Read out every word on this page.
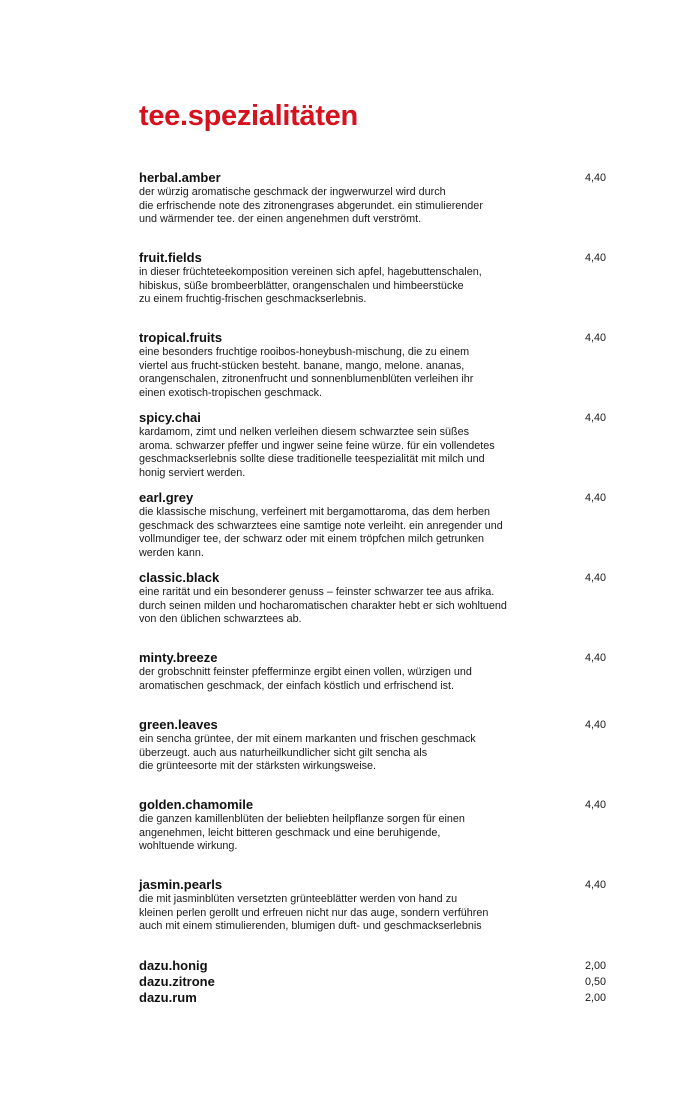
tee.spezialitäten
herbal.amber
der würzig aromatische geschmack der ingwerwurzel wird durch
die erfrischende note des zitronengrases abgerundet. ein stimulierender
und wärmender tee. der einen angenehmen duft verströmt.
4,40
fruit.fields
in dieser früchteteekomposition vereinen sich apfel, hagebuttenschalen,
hibiskus, süße brombeerblätter, orangenschalen und himbeerstücke
zu einem fruchtig-frischen geschmackserlebnis.
4,40
tropical.fruits
eine besonders fruchtige rooibos-honeybush-mischung, die zu einem
viertel aus frucht-stücken besteht. banane, mango, melone. ananas,
orangenschalen, zitronenfrucht und sonnenblumenblüten verleihen ihr
einen exotisch-tropischen geschmack.
4,40
spicy.chai
kardamom, zimt und nelken verleihen diesem schwarztee sein süßes
aroma. schwarzer pfeffer und ingwer seine feine würze. für ein vollendetes
geschmackserlebnis sollte diese traditionelle teespezialität mit milch und
honig serviert werden.
4,40
earl.grey
die klassische mischung, verfeinert mit bergamottaroma, das dem herben
geschmack des schwarztees eine samtige note verleiht. ein anregender und
vollmundiger tee, der schwarz oder mit einem tröpfchen milch getrunken
werden kann.
4,40
classic.black
eine rarität und ein besonderer genuss – feinster schwarzer tee aus afrika.
durch seinen milden und hocharomatischen charakter hebt er sich wohltuend
von den üblichen schwarztees ab.
4,40
minty.breeze
der grobschnitt feinster pfefferminze ergibt einen vollen, würzigen und
aromatischen geschmack, der einfach köstlich und erfrischend ist.
4,40
green.leaves
ein sencha grüntee, der mit einem markanten und frischen geschmack
überzeugt. auch aus naturheilkundlicher sicht gilt sencha als
die grünteesorte mit der stärksten wirkungsweise.
4,40
golden.chamomile
die ganzen kamillenblüten der beliebten heilpflanze sorgen für einen
angenehmen, leicht bitteren geschmack und eine beruhigende,
wohltuende wirkung.
4,40
jasmin.pearls
die mit jasminblüten versetzten grünteeblätter werden von hand zu
kleinen perlen gerollt und erfreuen nicht nur das auge, sondern verführen
auch mit einem stimulierenden, blumigen duft- und geschmackserlebnis
4,40
dazu.honig	2,00
dazu.zitrone	0,50
dazu.rum	2,00
